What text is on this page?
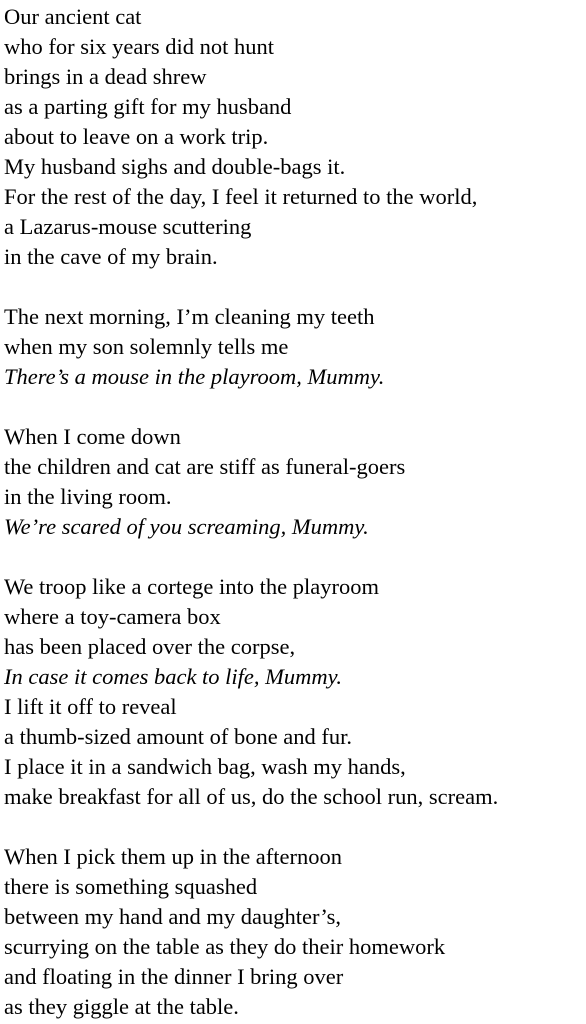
Our ancient cat
who for six years did not hunt
brings in a dead shrew
as a parting gift for my husband
about to leave on a work trip.
My husband sighs and double-bags it.
For the rest of the day, I feel it returned to the world,
a Lazarus-mouse scuttering
in the cave of my brain.
The next morning, I’m cleaning my teeth
when my son solemnly tells me
There’s a mouse in the playroom, Mummy.
When I come down
the children and cat are stiff as funeral-goers
in the living room.
We’re scared of you screaming, Mummy.
We troop like a cortege into the playroom
where a toy-camera box
has been placed over the corpse,
In case it comes back to life, Mummy.
I lift it off to reveal
a thumb-sized amount of bone and fur.
I place it in a sandwich bag, wash my hands,
make breakfast for all of us, do the school run, scream.
When I pick them up in the afternoon
there is something squashed
between my hand and my daughter’s,
scurrying on the table as they do their homework
and floating in the dinner I bring over
as they giggle at the table.
